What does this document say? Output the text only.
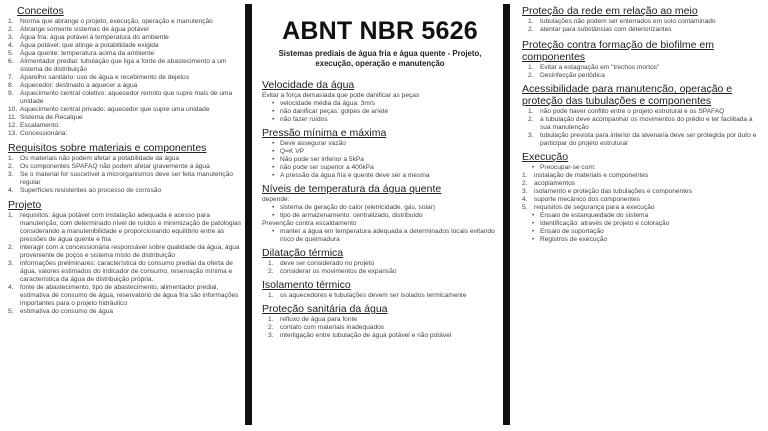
Conceitos
Norma que abrange o projeto, execução, operação e manutenção
Abrange somente sistemas de água potável
Água fria: água potável à temperatura do ambiente
Água potável: que atinge a potabilidade exigida
Água quente: temperatura acima da ambiente
Alimentador predial: tubulação que liga a fonte de abastecimento a um sistema de distribuição
Aparelho sanitário: uso de água e recebimento de dejetos
Aquecedor: destinado a aquecer a água
Aquecimento central coletivo: aquecedor remoto que supre mais de uma unidade
Aquecimento central privado: aquecedor que supre uma unidade
Sistema de Recalque
Escalamento:
Concessionária:
Requisitos sobre materiais e componentes
Os materiais não podem afetar a potabilidade da água
Os componentes SPAFAQ não podem afetar gravemente a água
Se o material for suscetível a microrganismos deve ser feita manutenção regular
Superfícies resistentes ao processo de corrosão
Projeto
requisitos: água potável com instalação adequada e acesso para manutenção, com determinado nível de ruídos e minimização de patologias considerando a manutenibilidade e proporcionando equilíbrio entre as pressões de água quente e fria
interagir com a concessionária responsável sobre qualidade da água, água proveniente de poços e sistema misto de distribuição
informações preliminares: característica do consumo predial da oferta de água, valores estimados do indicador de consumo, reservação mínima e característica da água de distribuição própria.
fonte de abastecimento, tipo de abastecimento, alimentador predial, estimativa de consumo de água, reservatório de água fria são informações importantes para o projeto hidráulico
estimativa do consumo de água
ABNT NBR 5626
Sistemas prediais de água fria e água quente - Projeto, execução, operação e manutenção
Velocidade da água

Evitar a força demasiada que pode danificar as peças

• velocidade média da água: 3m/s
• não danificar peças: golpes de aríete
• não fazer ruídos
Pressão mínima e máxima
• Deve assegurar vazão
• Q=K VP
• Não pode ser inferior a 5kPa
• não pode ser superior a 400kPa
• A pressão da água fria e quente deve ser a mesma
Níveis de temperatura da água quente

depende:

• sistema de geração do calor (eletricidade, gás, solar)
• tipo de armazenamento: centralizado, distribuído

Prevenção contra escaldamento

• manter a água em temperatura adequada a determinados locais evitando risco de queimadura
Dilatação térmica
deve ser considerado no projeto
considerar os movimentos de expansão
Isolamento térmico
os aquecedores e tubulações devem ser isolados termicamente
Proteção sanitária da água
refluxo de água para fonte
contato com materiais inadequados
interligação entre tubulação de água potável e não potável
Proteção da rede em relação ao meio
tubulações não podem ser enterrados em solo contaminado
atentar para substâncias com deteriorizantes
Proteção contra formação de biofilme em componentes
Evitar a estagnação em "trechos mortos"
Desinfecção periódica
Acessibilidade para manutenção, operação e proteção das tubulações e componentes
não pode haver conflito entre o projeto estrutural e os SPAFAQ
a tubulação deve acompanhar os movimentos do prédio e ter facilitada a sua manutenção
tubulação prevista para interior da alvenaria deve ser protegida por duto e participar do projeto estrutural
Execução
• Preocupar-se com:
instalação de materiais e componentes
acoplamentos
isolamento e proteção das tubulações e componentes
suporte mecânico dos componentes
requisitos de segurança para a execução
• Ensaio de estanqueidade do sistema
• Identificação: através de projeto e coloração
• Ensaio de suportação
• Registros de execução
